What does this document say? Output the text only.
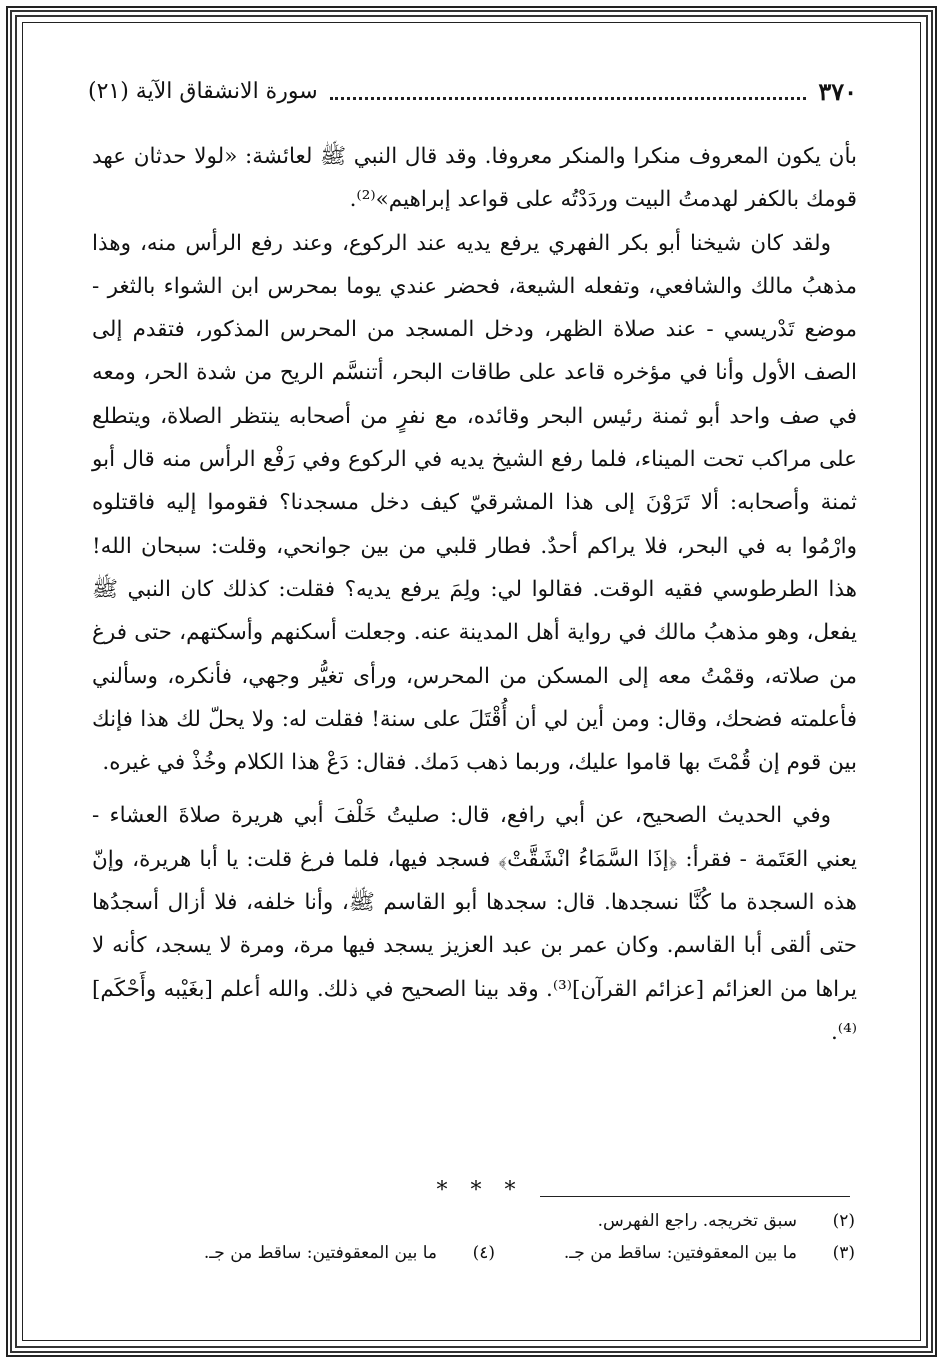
٣٧٠
سورة الانشقاق الآية (٢١)

بأن يكون المعروف منكرا والمنكر معروفا. وقد قال النبي ﷺ لعائشة: «لولا حدثان عهد قومك بالكفر لهدمتُ البيت وردَدْتُه على قواعد إبراهيم»⁽²⁾.

ولقد كان شيخنا أبو بكر الفهري يرفع يديه عند الركوع، وعند رفع الرأس منه، وهذا مذهبُ مالك والشافعي، وتفعله الشيعة، فحضر عندي يوما بمحرس ابن الشواء بالثغر - موضع تَدْريسي - عند صلاة الظهر، ودخل المسجد من المحرس المذكور، فتقدم إلى الصف الأول وأنا في مؤخره قاعد على طاقات البحر، أتنسَّم الريح من شدة الحر، ومعه في صف واحد أبو ثمنة رئيس البحر وقائده، مع نفرٍ من أصحابه ينتظر الصلاة، ويتطلع على مراكب تحت الميناء، فلما رفع الشيخ يديه في الركوع وفي رَفْع الرأس منه قال أبو ثمنة وأصحابه: ألا تَرَوْنَ إلى هذا المشرقيّ كيف دخل مسجدنا؟ فقوموا إليه فاقتلوه وارْمُوا به في البحر، فلا يراكم أحدٌ. فطار قلبي من بين جوانحي، وقلت: سبحان الله! هذا الطرطوسي فقيه الوقت. فقالوا لي: ولِمَ يرفع يديه؟ فقلت: كذلك كان النبي ﷺ يفعل، وهو مذهبُ مالك في رواية أهل المدينة عنه. وجعلت أسكنهم وأسكتهم، حتى فرغ من صلاته، وقمْتُ معه إلى المسكن من المحرس، ورأى تغيُّر وجهي، فأنكره، وسألني فأعلمته فضحك، وقال: ومن أين لي أن أُقْتَلَ على سنة! فقلت له: ولا يحلّ لك هذا فإنك بين قوم إن قُمْتَ بها قاموا عليك، وربما ذهب دَمك. فقال: دَعْ هذا الكلام وخُذْ في غيره.

وفي الحديث الصحيح، عن أبي رافع، قال: صليتُ خَلْفَ أبي هريرة صلاةَ العشاء - يعني العَتَمة - فقرأ: ﴿إذَا السَّمَاءُ انْشَقَّتْ﴾ فسجد فيها، فلما فرغ قلت: يا أبا هريرة، وإنّ هذه السجدة ما كُنَّا نسجدها. قال: سجدها أبو القاسم ﷺ، وأنا خلفه، فلا أزال أسجدُها حتى ألقى أبا القاسم. وكان عمر بن عبد العزيز يسجد فيها مرة، ومرة لا يسجد، كأنه لا يراها من العزائم [عزائم القرآن]⁽³⁾. وقد بينا الصحيح في ذلك. والله أعلم [بغَيْبه وأَحْكَم]⁽⁴⁾.

* * *
(٢)
سبق تخريجه. راجع الفهرس.
(٣)
ما بين المعقوفتين: ساقط من جـ.
(٤)
ما بين المعقوفتين: ساقط من جـ.
